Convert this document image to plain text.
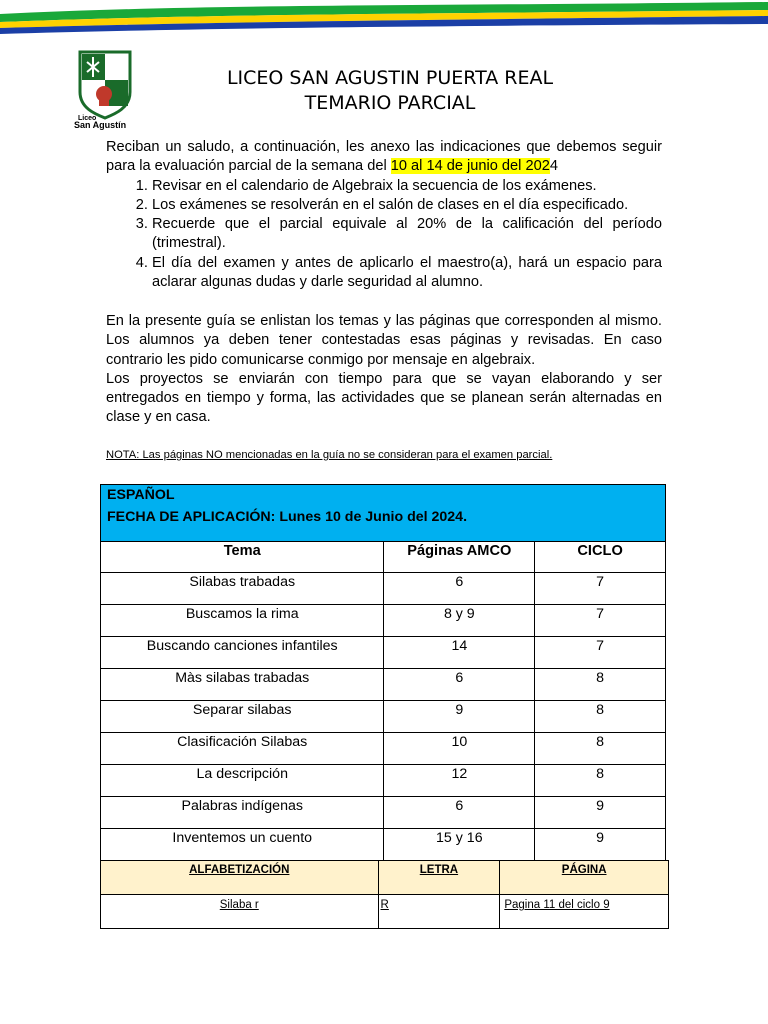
Liceo
San Agustín
LICEO SAN AGUSTIN PUERTA REAL
TEMARIO PARCIAL

Reciban un saludo, a continuación, les anexo las indicaciones que debemos seguir para la evaluación parcial de la semana del 10 al 14 de junio del 2024

1. Revisar en el calendario de Algebraix la secuencia de los exámenes.
2. Los exámenes se resolverán en el salón de clases en el día especificado.
3. Recuerde que el parcial equivale al 20% de la calificación del período (trimestral).
4. El día del examen y antes de aplicarlo el maestro(a), hará un espacio para aclarar algunas dudas y darle seguridad al alumno.

En la presente guía se enlistan los temas y las páginas que corresponden al mismo. Los alumnos ya deben tener contestadas esas páginas y revisadas. En caso contrario les pido comunicarse conmigo por mensaje en algebraix.

Los proyectos se enviarán con tiempo para que se vayan elaborando y ser entregados en tiempo y forma, las actividades que se planean serán alternadas en clase y en casa.

NOTA: Las páginas NO mencionadas en la guía no se consideran para el examen parcial.
ESPAÑOL
FECHA DE APLICACIÓN: Lunes 10 de Junio del 2024.		

Tema	Páginas AMCO	CICLO
Silabas trabadas	6	7
Buscamos la rima	8 y 9	7
Buscando canciones infantiles	14	7
Màs silabas trabadas	6	8
Separar silabas	9	8
Clasificación Silabas	10	8
La descripción	12	8
Palabras indígenas	6	9
Inventemos un cuento	15 y 16	9
ALFABETIZACIÓN	LETRA	PÁGINA
Silaba r	R	Pagina 11 del ciclo 9
